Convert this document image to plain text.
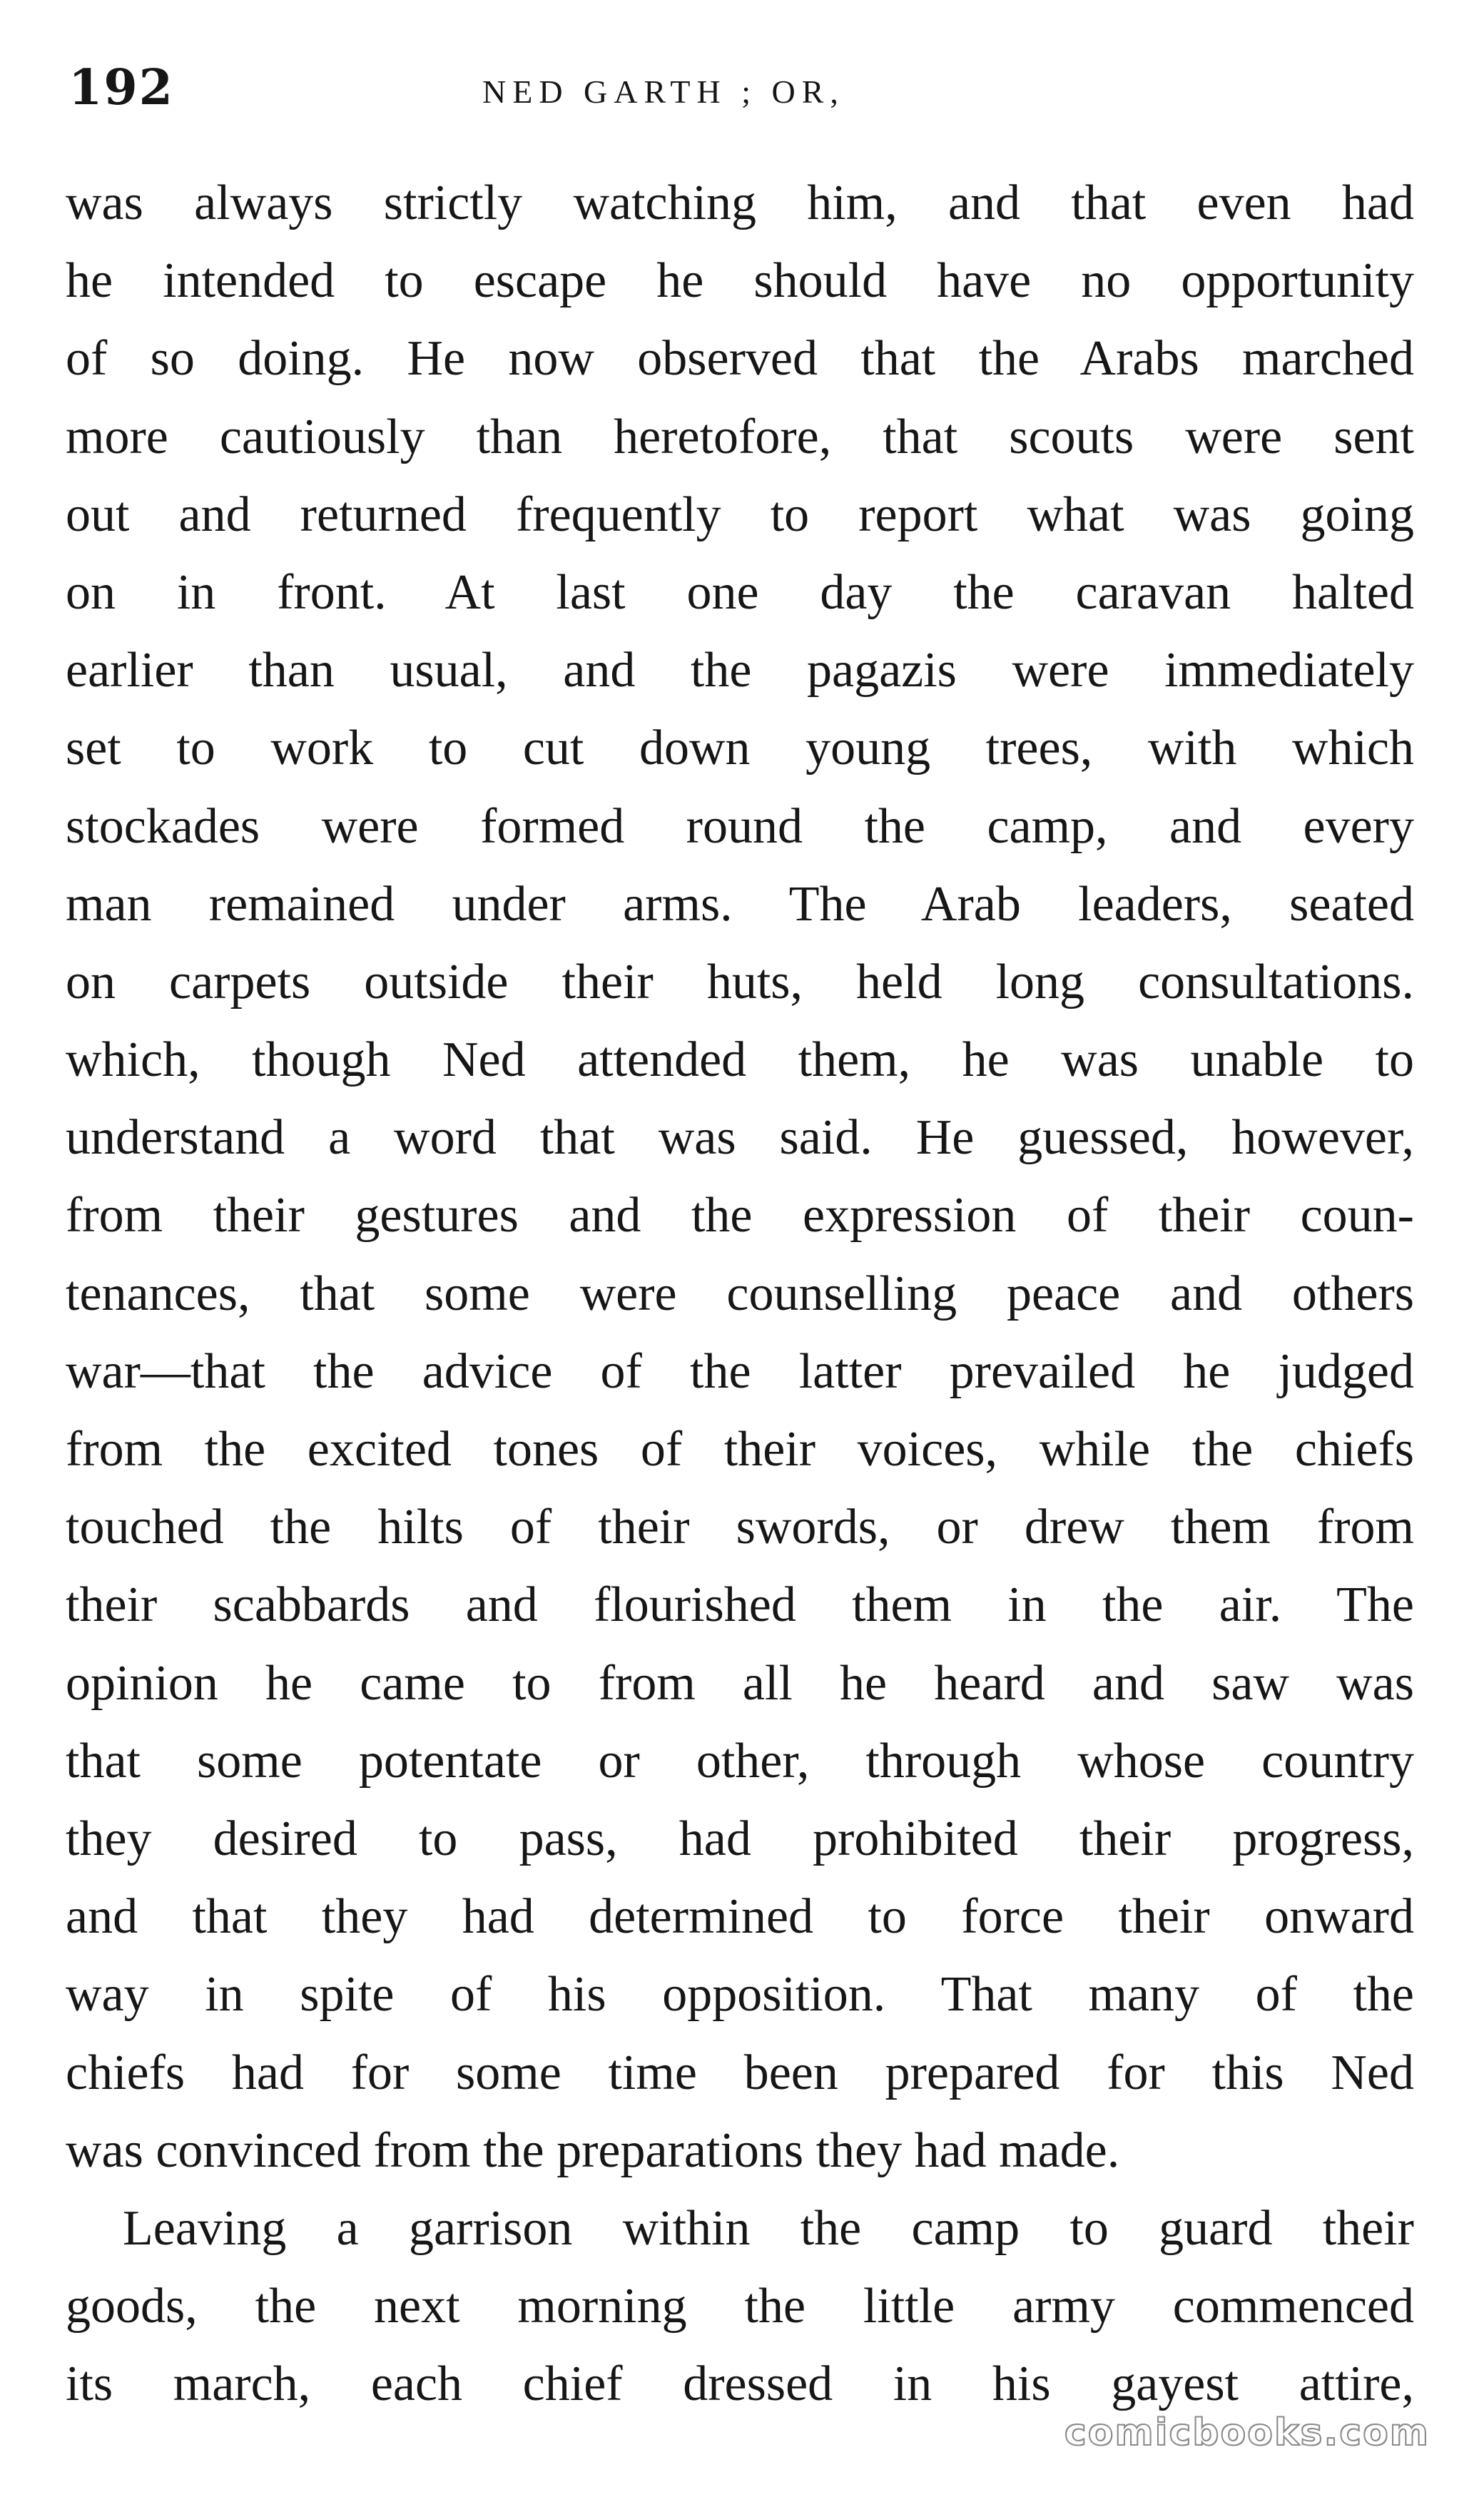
192	NED GARTH ; OR,
was always strictly watching him, and that even had
he intended to escape he should have no opportunity
of so doing. He now observed that the Arabs marched
more cautiously than heretofore, that scouts were sent
out and returned frequently to report what was going
on in front. At last one day the caravan halted
earlier than usual, and the pagazis were immediately
set to work to cut down young trees, with which
stockades were formed round the camp, and every
man remained under arms. The Arab leaders, seated
on carpets outside their huts, held long consultations.
which, though Ned attended them, he was unable to
understand a word that was said. He guessed, however,
from their gestures and the expression of their coun-
tenances, that some were counselling peace and others
war—that the advice of the latter prevailed he judged
from the excited tones of their voices, while the chiefs
touched the hilts of their swords, or drew them from
their scabbards and flourished them in the air. The
opinion he came to from all he heard and saw was
that some potentate or other, through whose country
they desired to pass, had prohibited their progress,
and that they had determined to force their onward
way in spite of his opposition. That many of the
chiefs had for some time been prepared for this Ned
was convinced from the preparations they had made.
Leaving a garrison within the camp to guard their
goods, the next morning the little army commenced
its march, each chief dressed in his gayest attire,
comicbooks.com
